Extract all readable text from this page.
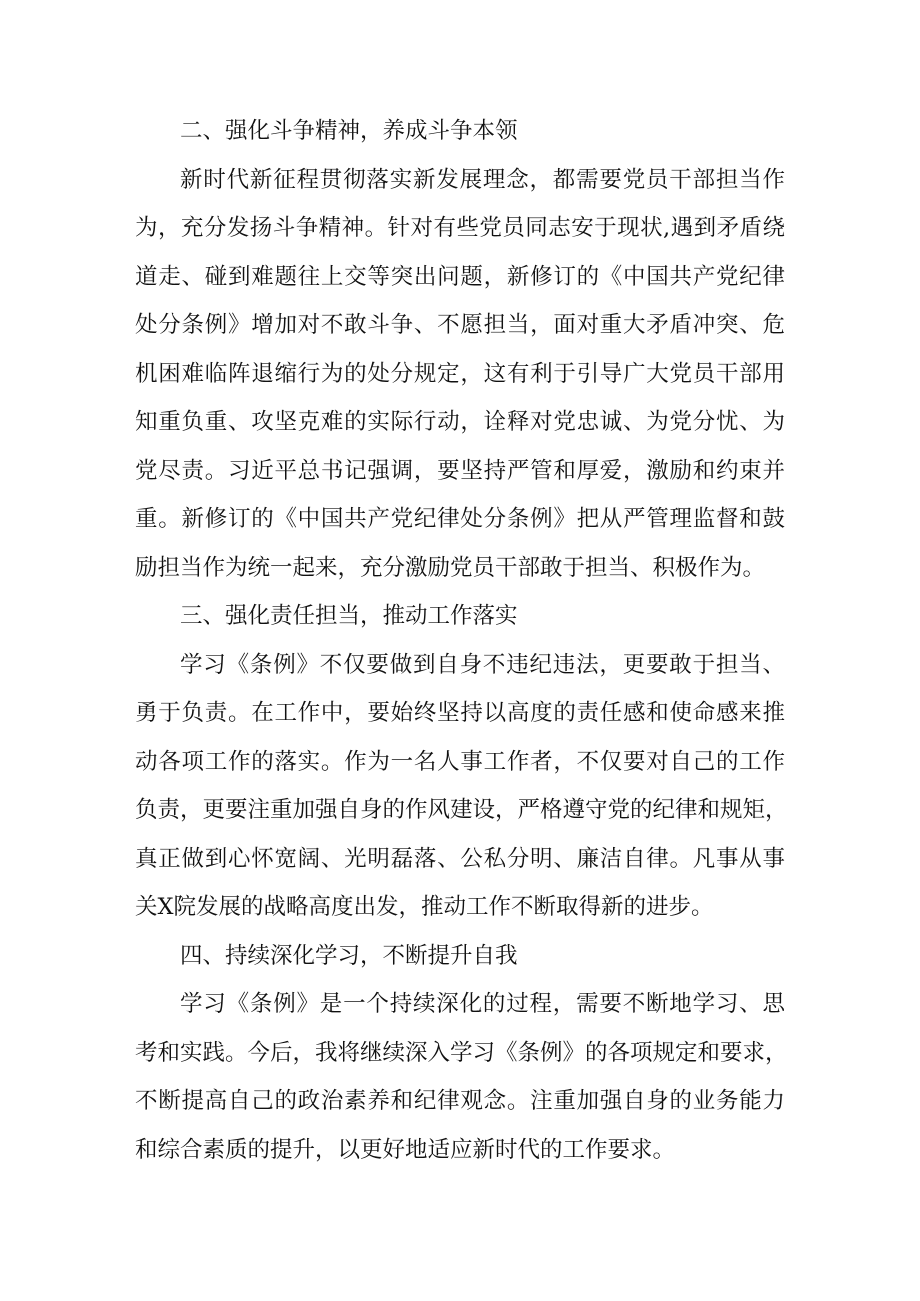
二、强化斗争精神，养成斗争本领
新时代新征程贯彻落实新发展理念，都需要党员干部担当作
为，充分发扬斗争精神。针对有些党员同志安于现状,遇到矛盾绕
道走、碰到难题往上交等突出问题，新修订的《中国共产党纪律
处分条例》增加对不敢斗争、不愿担当，面对重大矛盾冲突、危
机困难临阵退缩行为的处分规定，这有利于引导广大党员干部用
知重负重、攻坚克难的实际行动，诠释对党忠诚、为党分忧、为
党尽责。习近平总书记强调，要坚持严管和厚爱，激励和约束并
重。新修订的《中国共产党纪律处分条例》把从严管理监督和鼓
励担当作为统一起来，充分激励党员干部敢于担当、积极作为。
三、强化责任担当，推动工作落实
学习《条例》不仅要做到自身不违纪违法，更要敢于担当、
勇于负责。在工作中，要始终坚持以高度的责任感和使命感来推
动各项工作的落实。作为一名人事工作者，不仅要对自己的工作
负责，更要注重加强自身的作风建设，严格遵守党的纪律和规矩，
真正做到心怀宽阔、光明磊落、公私分明、廉洁自律。凡事从事
关X院发展的战略高度出发，推动工作不断取得新的进步。
四、持续深化学习，不断提升自我
学习《条例》是一个持续深化的过程，需要不断地学习、思
考和实践。今后，我将继续深入学习《条例》的各项规定和要求，
不断提高自己的政治素养和纪律观念。注重加强自身的业务能力
和综合素质的提升，以更好地适应新时代的工作要求。
